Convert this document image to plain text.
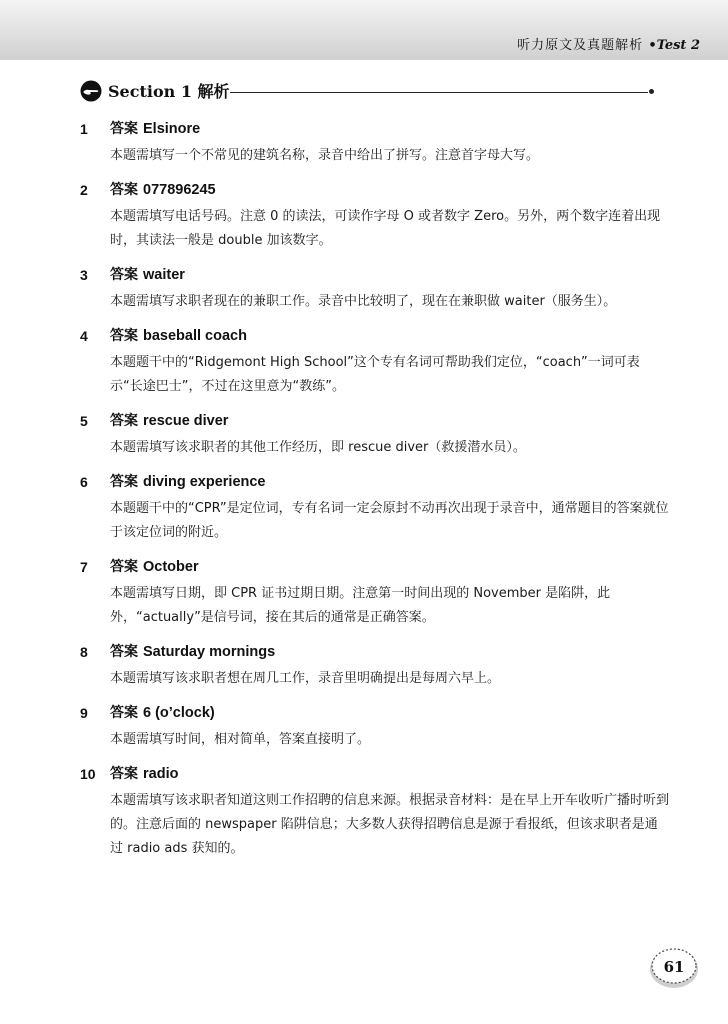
听力原文及真题解析 •Test 2
Section 1 解析
1 答案 Elsinore
本题需填写一个不常见的建筑名称，录音中给出了拼写。注意首字母大写。
2 答案 077896245
本题需填写电话号码。注意 0 的读法，可读作字母 O 或者数字 Zero。另外，两个数字连着出现时，其读法一般是 double 加该数字。
3 答案 waiter
本题需填写求职者现在的兼职工作。录音中比较明了，现在在兼职做 waiter（服务生）。
4 答案 baseball coach
本题题干中的“Ridgemont High School”这个专有名词可帮助我们定位，“coach”一词可表示“长途巴士”，不过在这里意为“教练”。
5 答案 rescue diver
本题需填写该求职者的其他工作经历，即 rescue diver（救援潜水员）。
6 答案 diving experience
本题题干中的“CPR”是定位词，专有名词一定会原封不动再次出现于录音中，通常题目的答案就位于该定位词的附近。
7 答案 October
本题需填写日期，即 CPR 证书过期日期。注意第一时间出现的 November 是陷阱，此外，“actually”是信号词，接在其后的通常是正确答案。
8 答案 Saturday mornings
本题需填写该求职者想在周几工作，录音里明确提出是每周六早上。
9 答案 6 (o’clock)
本题需填写时间，相对简单，答案直接明了。
10 答案 radio
本题需填写该求职者知道这则工作招聘的信息来源。根据录音材料：是在早上开车收听广播时听到的。注意后面的 newspaper 陷阱信息；大多数人获得招聘信息是源于看报纸，但该求职者是通过 radio ads 获知的。
61
